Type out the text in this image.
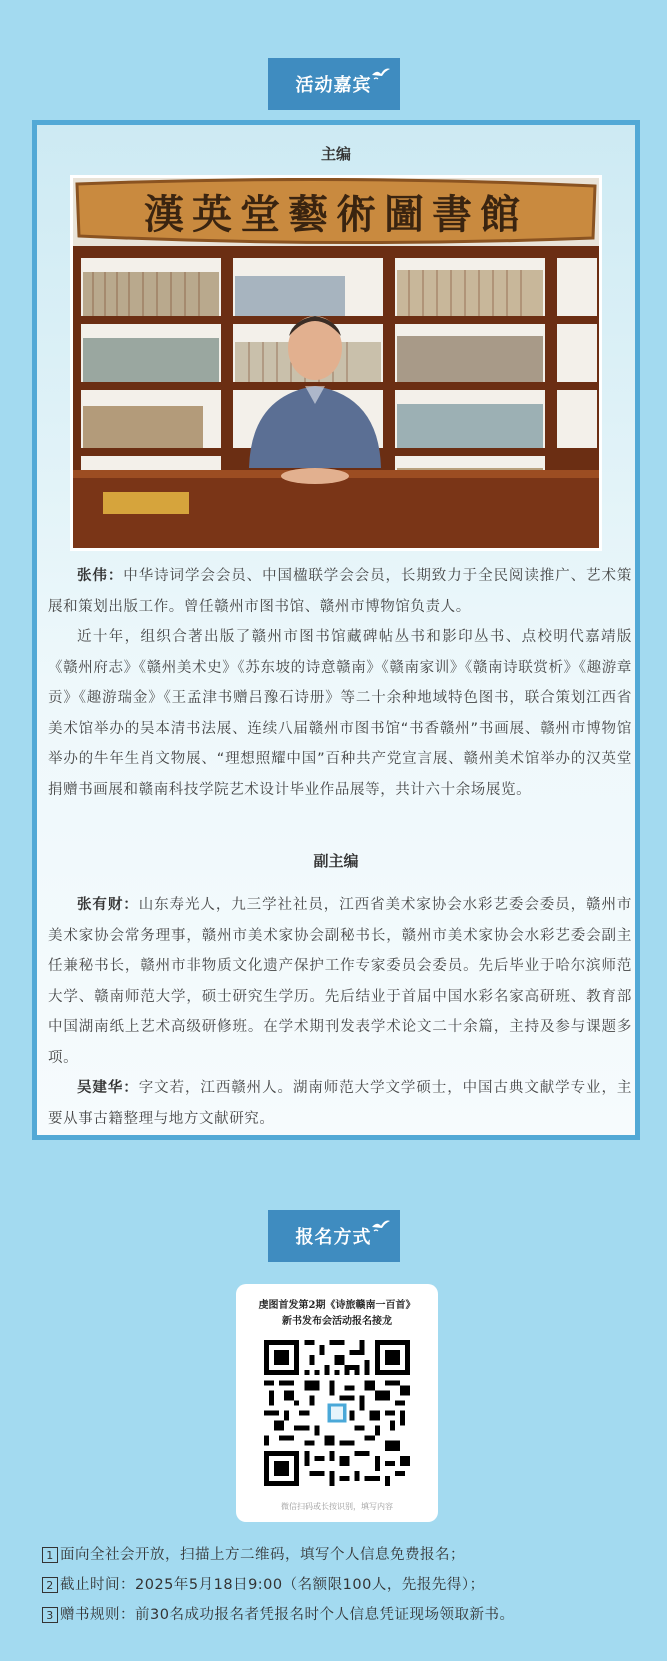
活动嘉宾
主编
漢英堂藝術圖書館

张伟：中华诗词学会会员、中国楹联学会会员，长期致力于全民阅读推广、艺术策展和策划出版工作。曾任赣州市图书馆、赣州市博物馆负责人。

近十年，组织合著出版了赣州市图书馆藏碑帖丛书和影印丛书、点校明代嘉靖版《赣州府志》《赣州美术史》《苏东坡的诗意赣南》《赣南家训》《赣南诗联赏析》《趣游章贡》《趣游瑞金》《王孟津书赠吕豫石诗册》等二十余种地域特色图书，联合策划江西省美术馆举办的吴本清书法展、连续八届赣州市图书馆“书香赣州”书画展、赣州市博物馆举办的牛年生肖文物展、“理想照耀中国”百种共产党宣言展、赣州美术馆举办的汉英堂捐赠书画展和赣南科技学院艺术设计毕业作品展等，共计六十余场展览。

副主编

张有财：山东寿光人，九三学社社员，江西省美术家协会水彩艺委会委员，赣州市美术家协会常务理事，赣州市美术家协会副秘书长，赣州市美术家协会水彩艺委会副主任兼秘书长，赣州市非物质文化遗产保护工作专家委员会委员。先后毕业于哈尔滨师范大学、赣南师范大学，硕士研究生学历。先后结业于首届中国水彩名家高研班、教育部中国湖南纸上艺术高级研修班。在学术期刊发表学术论文二十余篇，主持及参与课题多项。

吴建华：字文若，江西赣州人。湖南师范大学文学硕士，中国古典文献学专业，主要从事古籍整理与地方文献研究。

报名方式
虔图首发第2期《诗旅赣南一百首》
新书发布会活动报名接龙
微信扫码或长按识别，填写内容
1 面向全社会开放，扫描上方二维码，填写个人信息免费报名；
2 截止时间：2025年5月18日9:00（名额限100人，先报先得）；
3 赠书规则：前30名成功报名者凭报名时个人信息凭证现场领取新书。
